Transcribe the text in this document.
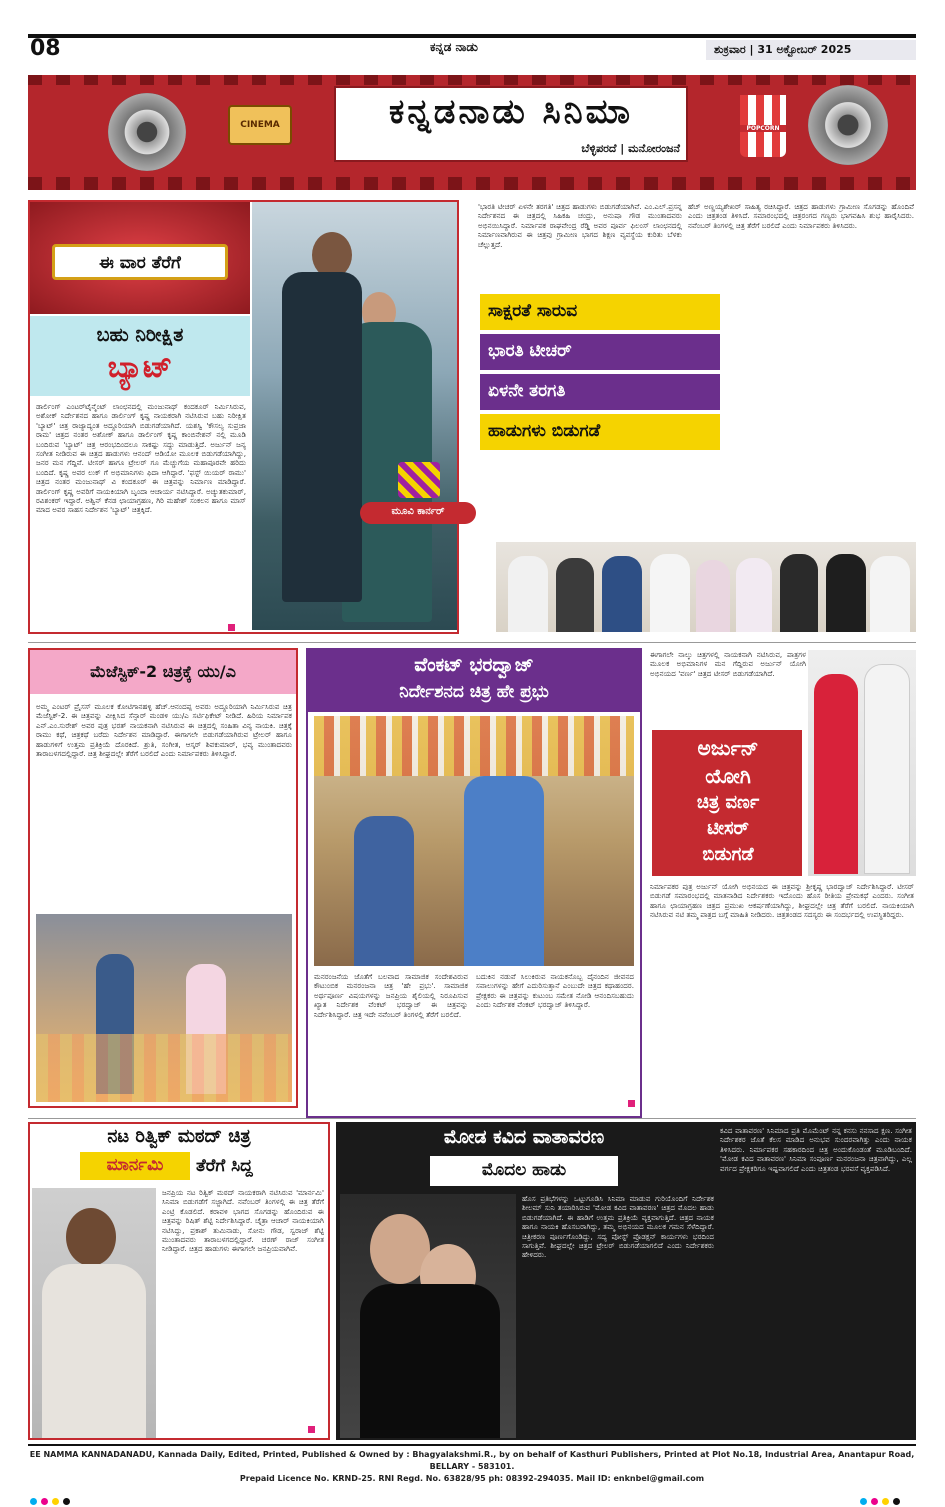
08	ಕನ್ನಡ ನಾಡು	ಶುಕ್ರವಾರ | 31 ಅಕ್ಟೋಬರ್ 2025
CINEMA	POPCORN
ಕನ್ನಡನಾಡು ಸಿನಿಮಾ
ಬೆಳ್ಳಿಪರದೆ | ಮನೋರಂಜನೆ
ಈ ವಾರ ತೆರೆಗೆ
ಬಹು ನಿರೀಕ್ಷಿತ
ಬ್ಯಾಟ್
ಡಾರ್ಲಿಂಗ್ ಎಂಟರ್‌ಟೈನ್ಮೆಂಟ್ ಲಾಂಛನದಲ್ಲಿ ಮಂಜುನಾಥ್ ಕಂದಕೂರ್ ನಿರ್ಮಿಸಿರುವ, ಅಶೋಕ್ ನಿರ್ದೇಶನದ ಹಾಗೂ ಡಾರ್ಲಿಂಗ್ ಕೃಷ್ಣ ನಾಯಕರಾಗಿ ನಟಿಸಿರುವ ಬಹು ನಿರೀಕ್ಷಿತ 'ಬ್ಯಾಟ್' ಚಿತ್ರ ರಾಜ್ಯಾದ್ಯಂತ ಅದ್ದೂರಿಯಾಗಿ ಬಿಡುಗಡೆಯಾಗಿದೆ. ಯಶಸ್ವಿ 'ಕೌಸಲ್ಯ ಸುಪ್ರಜಾ ರಾಮ' ಚಿತ್ರದ ನಂತರ ಅಶೋಕ್ ಹಾಗೂ ಡಾರ್ಲಿಂಗ್ ಕೃಷ್ಣ ಕಾಂಬಿನೇಶನ್ ನಲ್ಲಿ ಮೂಡಿ ಬಂದಿರುವ 'ಬ್ಯಾಟ್' ಚಿತ್ರ ಆರಂಭದಿಂದಲೂ ಸಾಕಷ್ಟು ಸದ್ದು ಮಾಡುತ್ತಿದೆ. ಅರ್ಜುನ್ ಜನ್ಯ ಸಂಗೀತ ನೀಡಿರುವ ಈ ಚಿತ್ರದ ಹಾಡುಗಳು ಆನಂದ್ ಆಡಿಯೋ ಮೂಲಕ ಬಿಡುಗಡೆಯಾಗಿದ್ದು, ಜನರ ಮನ ಗೆದ್ದಿವೆ. ಟೀಸರ್ ಹಾಗೂ ಟ್ರೇಲರ್ ಗೂ ಮೆಚ್ಚುಗೆಯ ಮಹಾಪೂರವೇ ಹರಿದು ಬಂದಿದೆ. ಕೃಷ್ಣ ಅವರ ಲುಕ್ ಗೆ ಅಭಿಮಾನಿಗಳು ಫಿದಾ ಆಗಿದ್ದಾರೆ. 'ಫಸ್ಟ್ ಯಿಯರ್ ರಾಮು' ಚಿತ್ರದ ನಂತರ ಮಂಜುನಾಥ್ ವಿ ಕಂದಕೂರ್ ಈ ಚಿತ್ರವನ್ನು ನಿರ್ಮಾಣ ಮಾಡಿದ್ದಾರೆ. ಡಾರ್ಲಿಂಗ್ ಕೃಷ್ಣ ಅವರಿಗೆ ನಾಯಕಿಯಾಗಿ ಬೃಂದಾ ಆಚಾರ್ಯ ನಟಿಸಿದ್ದಾರೆ. ಅಚ್ಯುತಕುಮಾರ್, ರವಿಶಂಕರ್ ಇದ್ದಾರೆ. ಅಶ್ವಿನ್ ಕೆನಡ ಛಾಯಾಗ್ರಹಣ, ಗಿರಿ ಮಹೇಶ್ ಸಂಕಲನ ಹಾಗೂ ಮಾಸ್ ಮಾದ ಅವರ ಸಾಹಸ ನಿರ್ದೇಶನ 'ಬ್ಯಾಟ್' ಚಿತ್ರಕ್ಕಿದೆ.
'ಭಾರತಿ ಟೀಚರ್ ಏಳನೇ ತರಗತಿ' ಚಿತ್ರದ ಹಾಡುಗಳು ಬಿಡುಗಡೆಯಾಗಿವೆ. ಎಂ.ಎಲ್.ಪ್ರಸನ್ನ ನಿರ್ದೇಶನದ ಈ ಚಿತ್ರದಲ್ಲಿ ಸಿಹಿಕಹಿ ಚಂದ್ರು, ಅನುಷಾ ಗೌಡ ಮುಂತಾದವರು ಅಭಿನಯಿಸಿದ್ದಾರೆ. ನಿರ್ಮಾಪಕ ರಾಘವೇಂದ್ರ ರೆಡ್ಡಿ ಅವರ ಪೂರ್ವ ಫಿಲಂಸ್ ಲಾಂಛನದಲ್ಲಿ ನಿರ್ಮಾಣವಾಗಿರುವ ಈ ಚಿತ್ರವು ಗ್ರಾಮೀಣ ಭಾಗದ ಶಿಕ್ಷಣ ವ್ಯವಸ್ಥೆಯ ಕುರಿತು ಬೆಳಕು ಚೆಲ್ಲುತ್ತದೆ.
ಹೆಚ್ ಅಣ್ಣಯ್ಯಶೇಖರ್ ಸಾಹಿತ್ಯ ರಚಿಸಿದ್ದಾರೆ. ಚಿತ್ರದ ಹಾಡುಗಳು ಗ್ರಾಮೀಣ ಸೊಗಡನ್ನು ಹೊಂದಿವೆ ಎಂದು ಚಿತ್ರತಂಡ ತಿಳಿಸಿದೆ. ಸಮಾರಂಭದಲ್ಲಿ ಚಿತ್ರರಂಗದ ಗಣ್ಯರು ಭಾಗವಹಿಸಿ ಶುಭ ಹಾರೈಸಿದರು. ನವೆಂಬರ್ ತಿಂಗಳಲ್ಲಿ ಚಿತ್ರ ತೆರೆಗೆ ಬರಲಿದೆ ಎಂದು ನಿರ್ಮಾಪಕರು ತಿಳಿಸಿದರು.
ಸಾಕ್ಷರತೆ ಸಾರುವ
ಭಾರತಿ ಟೀಚರ್
ಏಳನೇ ತರಗತಿ
ಹಾಡುಗಳು ಬಿಡುಗಡೆ
ಮೂವಿ ಕಾರ್ನರ್
ಮೆಜೆಸ್ಟಿಕ್-2 ಚಿತ್ರಕ್ಕೆ ಯು/ಎ
ಅಮ್ಮ ಎಂಟರ್ ಪ್ರೈಸಸ್ ಮೂಲಕ ಕೋಟಿಗಾನಹಳ್ಳಿ ಹೆಚ್.ಆನಂದಪ್ಪ ಅವರು ಅದ್ದೂರಿಯಾಗಿ ನಿರ್ಮಿಸಿರುವ ಚಿತ್ರ ಮೆಜೆಸ್ಟಿಕ್-2. ಈ ಚಿತ್ರವನ್ನು ವೀಕ್ಷಿಸಿದ ಸೆನ್ಸಾರ್ ಮಂಡಳಿ ಯು/ಎ ಸರ್ಟಿಫಿಕೇಟ್ ನೀಡಿದೆ. ಹಿರಿಯ ನಿರ್ಮಾಪಕ ಎನ್.ಎಂ.ಸುರೇಶ್ ಅವರ ಪುತ್ರ ಭರತ್ ನಾಯಕನಾಗಿ ನಟಿಸಿರುವ ಈ ಚಿತ್ರದಲ್ಲಿ ಸಂಹಿತಾ ವಿನ್ಯ ನಾಯಕಿ. ಚಿತ್ರಕ್ಕೆ ರಾಮು ಕಥೆ, ಚಿತ್ರಕಥೆ ಬರೆದು ನಿರ್ದೇಶನ ಮಾಡಿದ್ದಾರೆ. ಈಗಾಗಲೇ ಬಿಡುಗಡೆಯಾಗಿರುವ ಟ್ರೇಲರ್ ಹಾಗೂ ಹಾಡುಗಳಿಗೆ ಉತ್ತಮ ಪ್ರತಿಕ್ರಿಯೆ ದೊರಕಿದೆ. ಶ್ರುತಿ, ಸಂಗೀತ, ಆಸ್ಕರ್ ಶಿವಕುಮಾರ್, ಭವ್ಯ ಮುಂತಾದವರು ತಾರಾಬಳಗದಲ್ಲಿದ್ದಾರೆ. ಚಿತ್ರ ಶೀಘ್ರದಲ್ಲೇ ತೆರೆಗೆ ಬರಲಿದೆ ಎಂದು ನಿರ್ಮಾಪಕರು ತಿಳಿಸಿದ್ದಾರೆ.
ವೆಂಕಟ್ ಭರದ್ವಾಜ್
ನಿರ್ದೇಶನದ ಚಿತ್ರ ಹೇ ಪ್ರಭು
ಮನರಂಜನೆಯ ಜೊತೆಗೆ ಬಲವಾದ ಸಾಮಾಜಿಕ ಸಂದೇಶವಿರುವ ಕೌಟುಂಬಿಕ ಮನರಂಜನಾ ಚಿತ್ರ 'ಹೇ ಪ್ರಭು'. ಸಾಮಾಜಿಕ ಅರ್ಥಪೂರ್ಣ ವಿಷಯಗಳನ್ನು ಜನಪ್ರಿಯ ಶೈಲಿಯಲ್ಲಿ ನಿರೂಪಿಸುವ ಖ್ಯಾತ ನಿರ್ದೇಶಕ ವೆಂಕಟ್ ಭರದ್ವಾಜ್ ಈ ಚಿತ್ರವನ್ನು ನಿರ್ದೇಶಿಸಿದ್ದಾರೆ. ಚಿತ್ರ ಇದೇ ನವೆಂಬರ್ ತಿಂಗಳಲ್ಲಿ ತೆರೆಗೆ ಬರಲಿದೆ.
ಬದುಕಿನ ನಡುವೆ ಸಿಲುಕಿರುವ ನಾಯಕನೊಬ್ಬ ದೈನಂದಿನ ಜೀವನದ ಸವಾಲುಗಳನ್ನು ಹೇಗೆ ಎದುರಿಸುತ್ತಾನೆ ಎಂಬುದೇ ಚಿತ್ರದ ಕಥಾಹಂದರ. ಪ್ರೇಕ್ಷಕರು ಈ ಚಿತ್ರವನ್ನು ಕುಟುಂಬ ಸಮೇತ ನೋಡಿ ಆನಂದಿಸಬಹುದು ಎಂದು ನಿರ್ದೇಶಕ ವೆಂಕಟ್ ಭರದ್ವಾಜ್ ತಿಳಿಸಿದ್ದಾರೆ.
ಈಗಾಗಲೇ ನಾಲ್ಕು ಚಿತ್ರಗಳಲ್ಲಿ ನಾಯಕನಾಗಿ ನಟಿಸಿರುವ, ಪಾತ್ರಗಳ ಮೂಲಕ ಅಭಿಮಾನಿಗಳ ಮನ ಗೆದ್ದಿರುವ ಅರ್ಜುನ್ ಯೋಗಿ ಅಭಿನಯದ 'ವರ್ಣ' ಚಿತ್ರದ ಟೀಸರ್ ಬಿಡುಗಡೆಯಾಗಿದೆ.
ಅರ್ಜುನ್
ಯೋಗಿ
ಚಿತ್ರ ವರ್ಣ
ಟೀಸರ್
ಬಿಡುಗಡೆ
ನಿರ್ಮಾಪಕರ ಪುತ್ರ ಅರ್ಜುನ್ ಯೋಗಿ ಅಭಿನಯದ ಈ ಚಿತ್ರವನ್ನು ಶ್ರೀಕೃಷ್ಣ ಭಾರದ್ವಾಜ್ ನಿರ್ದೇಶಿಸಿದ್ದಾರೆ. ಟೀಸರ್ ಬಿಡುಗಡೆ ಸಮಾರಂಭದಲ್ಲಿ ಮಾತನಾಡಿದ ನಿರ್ದೇಶಕರು ಇದೊಂದು ಹೊಸ ರೀತಿಯ ಪ್ರೇಮಕಥೆ ಎಂದರು. ಸಂಗೀತ ಹಾಗೂ ಛಾಯಾಗ್ರಹಣ ಚಿತ್ರದ ಪ್ರಮುಖ ಆಕರ್ಷಣೆಯಾಗಿದ್ದು, ಶೀಘ್ರದಲ್ಲೇ ಚಿತ್ರ ತೆರೆಗೆ ಬರಲಿದೆ. ನಾಯಕಿಯಾಗಿ ನಟಿಸಿರುವ ನಟಿ ತಮ್ಮ ಪಾತ್ರದ ಬಗ್ಗೆ ಮಾಹಿತಿ ನೀಡಿದರು. ಚಿತ್ರತಂಡದ ಸದಸ್ಯರು ಈ ಸಂದರ್ಭದಲ್ಲಿ ಉಪಸ್ಥಿತರಿದ್ದರು.
ನಟ ರಿತ್ವಿಕ್ ಮಠದ್ ಚಿತ್ರ
ಮಾರ್ನಮಿ	ತೆರೆಗೆ ಸಿದ್ದ
ಜನಪ್ರಿಯ ನಟ ರಿತ್ವಿಕ್ ಮಠದ್ ನಾಯಕರಾಗಿ ನಟಿಸಿರುವ 'ಮಾರ್ನಮಿ' ಸಿನಿಮಾ ಬಿಡುಗಡೆಗೆ ಸಜ್ಜಾಗಿದೆ. ನವೆಂಬರ್ ತಿಂಗಳಲ್ಲಿ ಈ ಚಿತ್ರ ತೆರೆಗೆ ಎಂಟ್ರಿ ಕೊಡಲಿದೆ. ಕರಾವಳಿ ಭಾಗದ ಸೊಗಡನ್ನು ಹೊಂದಿರುವ ಈ ಚಿತ್ರವನ್ನು ರಿಷಿತ್ ಶೆಟ್ಟಿ ನಿರ್ದೇಶಿಸಿದ್ದಾರೆ. ಚೈತ್ರಾ ಆಚಾರ್ ನಾಯಕಿಯಾಗಿ ನಟಿಸಿದ್ದು, ಪ್ರಕಾಶ್ ತುಮಿನಾಡು, ಸೋನು ಗೌಡ, ಸ್ವರಾಜ್ ಶೆಟ್ಟಿ ಮುಂತಾದವರು ತಾರಾಬಳಗದಲ್ಲಿದ್ದಾರೆ. ಚರಣ್ ರಾಜ್ ಸಂಗೀತ ನೀಡಿದ್ದಾರೆ. ಚಿತ್ರದ ಹಾಡುಗಳು ಈಗಾಗಲೇ ಜನಪ್ರಿಯವಾಗಿವೆ.
ಮೋಡ ಕವಿದ ವಾತಾವರಣ
ಮೊದಲ ಹಾಡು
ಹೊಸ ಪ್ರತಿಭೆಗಳನ್ನು ಒಟ್ಟುಗೂಡಿಸಿ ಸಿನಿಮಾ ಮಾಡುವ ಗುರಿಯೊಂದಿಗೆ ನಿರ್ದೇಶಕ ಶೀಲಮ್ ಸುನಿ ತಯಾರಿಸಿರುವ 'ಮೋಡ ಕವಿದ ವಾತಾವರಣ' ಚಿತ್ರದ ಮೊದಲ ಹಾಡು ಬಿಡುಗಡೆಯಾಗಿದೆ. ಈ ಹಾಡಿಗೆ ಉತ್ತಮ ಪ್ರತಿಕ್ರಿಯೆ ವ್ಯಕ್ತವಾಗುತ್ತಿದೆ. ಚಿತ್ರದ ನಾಯಕ ಹಾಗೂ ನಾಯಕಿ ಹೊಸಬರಾಗಿದ್ದು, ತಮ್ಮ ಅಭಿನಯದ ಮೂಲಕ ಗಮನ ಸೆಳೆದಿದ್ದಾರೆ. ಚಿತ್ರೀಕರಣ ಪೂರ್ಣಗೊಂಡಿದ್ದು, ಸದ್ಯ ಪೋಸ್ಟ್ ಪ್ರೊಡಕ್ಷನ್ ಕಾರ್ಯಗಳು ಭರದಿಂದ ಸಾಗುತ್ತಿವೆ. ಶೀಘ್ರದಲ್ಲೇ ಚಿತ್ರದ ಟ್ರೇಲರ್ ಬಿಡುಗಡೆಯಾಗಲಿದೆ ಎಂದು ನಿರ್ದೇಶಕರು ಹೇಳಿದರು.
ಕವಿದ ವಾತಾವರಣ' ಸಿನಿಮಾದ ಪ್ರತಿ ಮೊಮೆಂಟ್ ನನ್ನ ಕನಸು ನನಸಾದ ಕ್ಷಣ. ಸಂಗೀತ ನಿರ್ದೇಶಕರ ಜೊತೆ ಕೆಲಸ ಮಾಡಿದ ಅನುಭವ ಸುಂದರವಾಗಿತ್ತು ಎಂದು ನಾಯಕ ತಿಳಿಸಿದರು. ನಿರ್ಮಾಪಕರ ಸಹಕಾರದಿಂದ ಚಿತ್ರ ಅಂದುಕೊಂಡಂತೆ ಮೂಡಿಬಂದಿದೆ. 'ಮೋಡ ಕವಿದ ವಾತಾವರಣ' ಸಿನಿಮಾ ಸಂಪೂರ್ಣ ಮನರಂಜನಾ ಚಿತ್ರವಾಗಿದ್ದು, ಎಲ್ಲ ವರ್ಗದ ಪ್ರೇಕ್ಷಕರಿಗೂ ಇಷ್ಟವಾಗಲಿದೆ ಎಂದು ಚಿತ್ರತಂಡ ಭರವಸೆ ವ್ಯಕ್ತಪಡಿಸಿದೆ.
EE NAMMA KANNADANADU, Kannada Daily, Edited, Printed, Published & Owned by : Bhagyalakshmi.R., by on behalf of Kasthuri Publishers, Printed at Plot No.18, Industrial Area, Anantapur Road, BELLARY - 583101.
Prepaid Licence No. KRND-25. RNI Regd. No. 63828/95 ph: 08392-294035. Mail ID: enknbel@gmail.com
